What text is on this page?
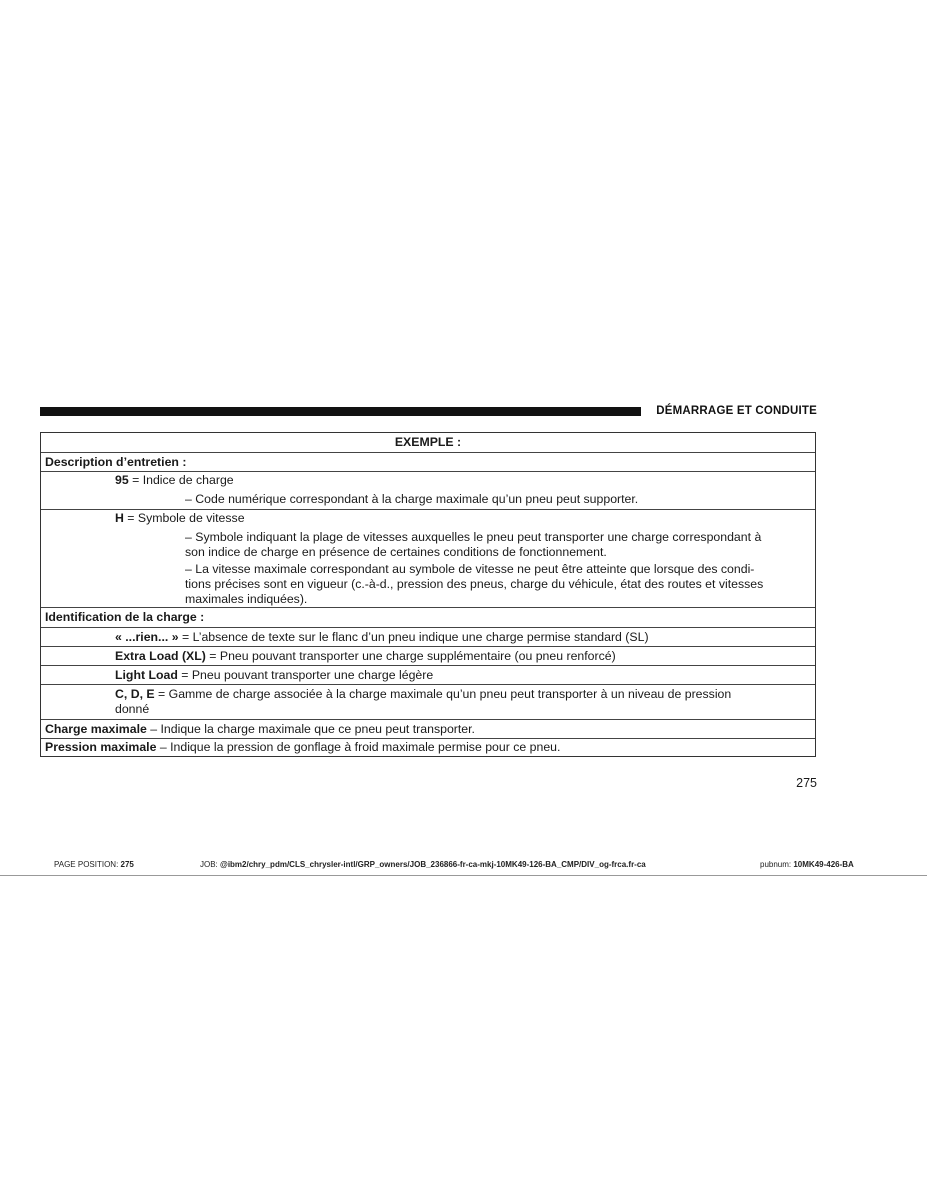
DÉMARRAGE ET CONDUITE
EXEMPLE :
Description d’entretien :
95 = Indice de charge
– Code numérique correspondant à la charge maximale qu’un pneu peut supporter.
H = Symbole de vitesse
– Symbole indiquant la plage de vitesses auxquelles le pneu peut transporter une charge correspondant à
son indice de charge en présence de certaines conditions de fonctionnement.
– La vitesse maximale correspondant au symbole de vitesse ne peut être atteinte que lorsque des condi-
tions précises sont en vigueur (c.-à-d., pression des pneus, charge du véhicule, état des routes et vitesses
maximales indiquées).
Identification de la charge :
« ...rien... » = L’absence de texte sur le flanc d’un pneu indique une charge permise standard (SL)
Extra Load (XL) = Pneu pouvant transporter une charge supplémentaire (ou pneu renforcé)
Light Load = Pneu pouvant transporter une charge légère
C, D, E = Gamme de charge associée à la charge maximale qu’un pneu peut transporter à un niveau de pression
donné
Charge maximale – Indique la charge maximale que ce pneu peut transporter.
Pression maximale – Indique la pression de gonflage à froid maximale permise pour ce pneu.
275
PAGE POSITION: 275	JOB: @ibm2/chry_pdm/CLS_chrysler-intl/GRP_owners/JOB_236866-fr-ca-mkj-10MK49-126-BA_CMP/DIV_og-frca.fr-ca	pubnum: 10MK49-426-BA
